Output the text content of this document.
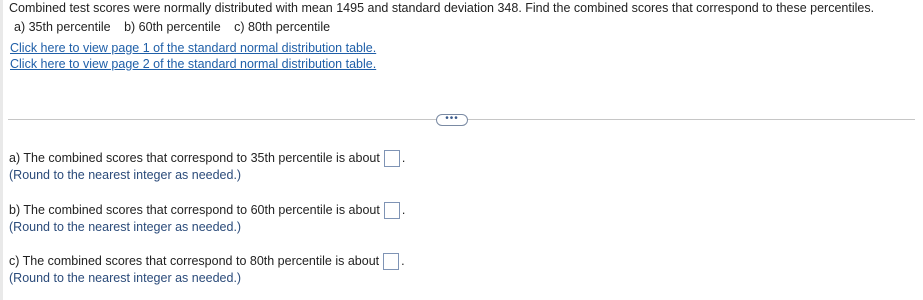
Combined test scores were normally distributed with mean 1495 and standard deviation 348. Find the combined scores that correspond to these percentiles.
a) 35th percentile b) 60th percentile c) 80th percentile
Click here to view page 1 of the standard normal distribution table.
Click here to view page 2 of the standard normal distribution table.
•••
a) The combined scores that correspond to 35th percentile is about .
(Round to the nearest integer as needed.)
b) The combined scores that correspond to 60th percentile is about .
(Round to the nearest integer as needed.)
c) The combined scores that correspond to 80th percentile is about .
(Round to the nearest integer as needed.)
